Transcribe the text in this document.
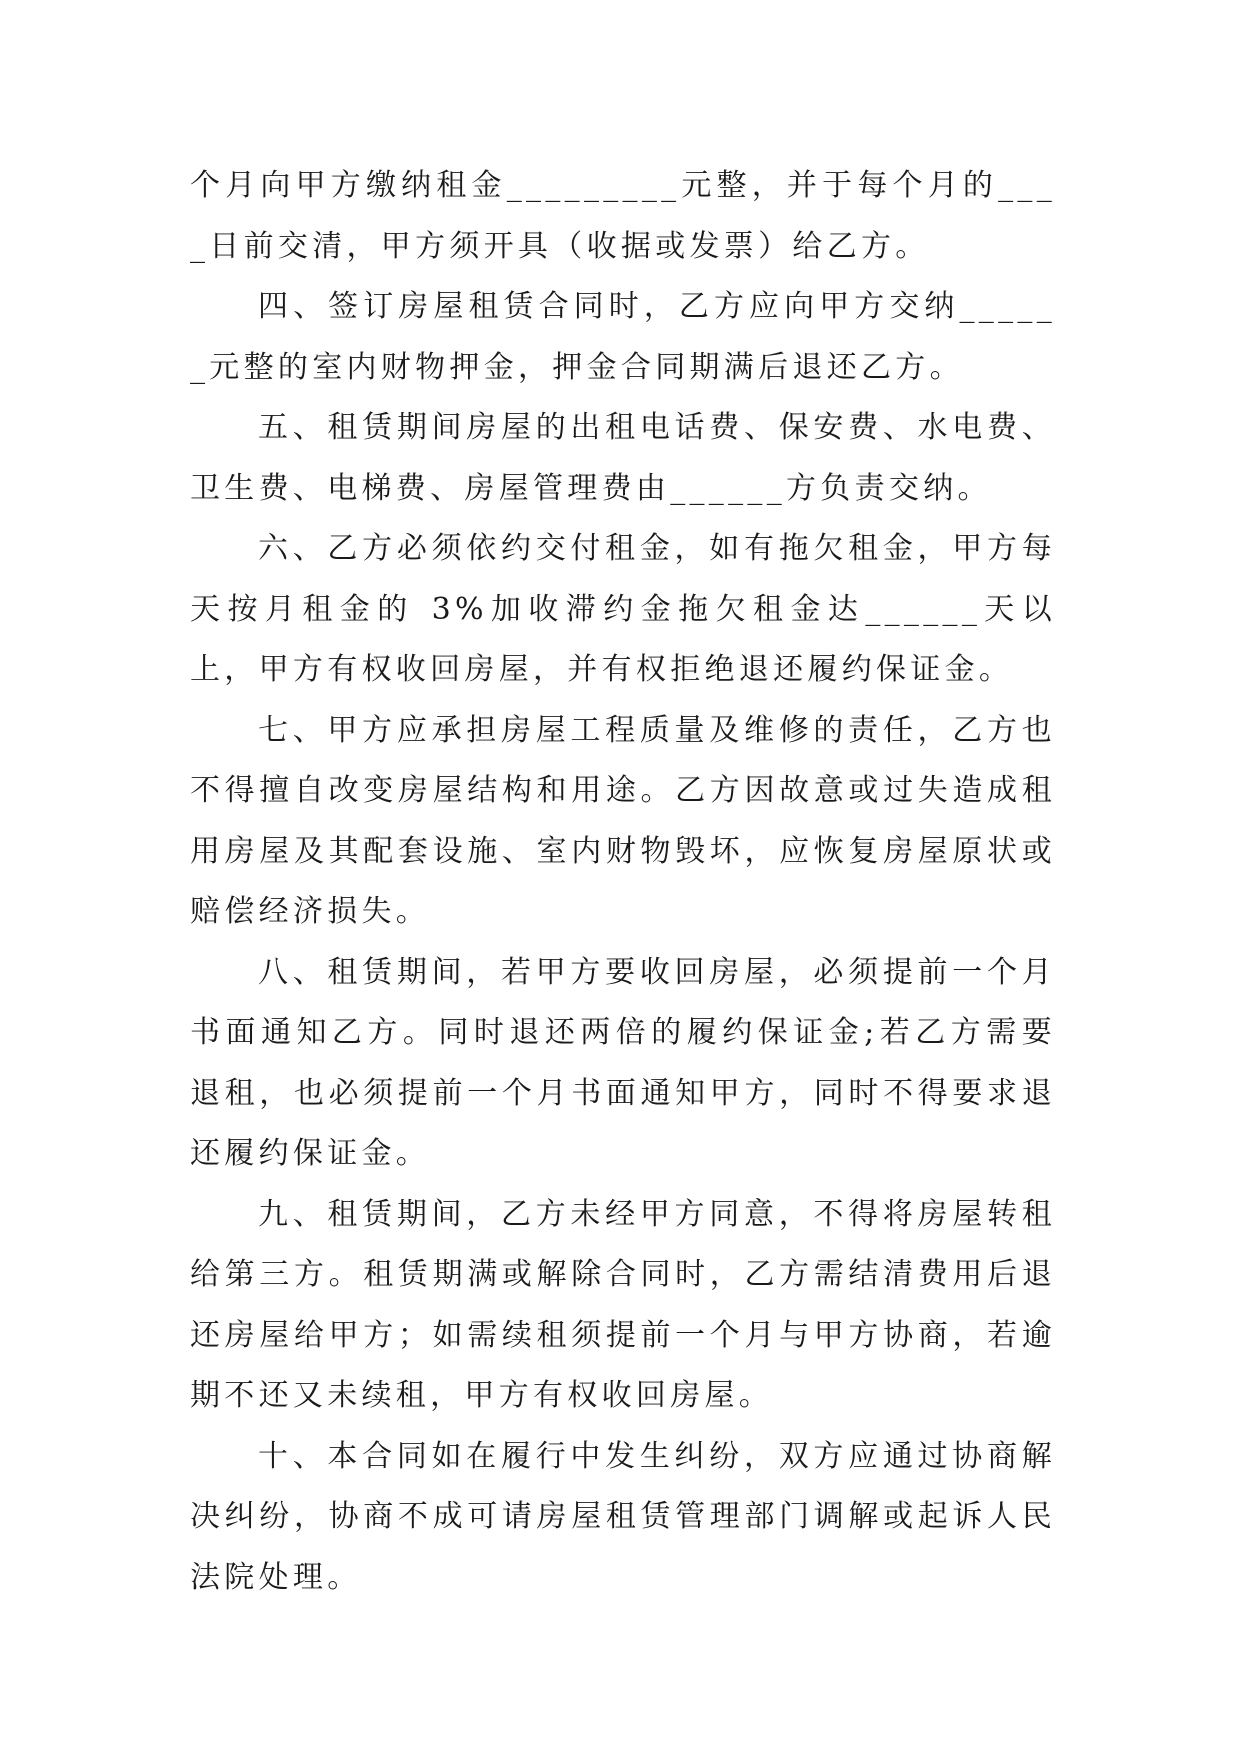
个月向甲方缴纳租金_________元整，并于每个月的____日前交清，甲方须开具（收据或发票）给乙方。

四、签订房屋租赁合同时，乙方应向甲方交纳______元整的室内财物押金，押金合同期满后退还乙方。

五、租赁期间房屋的出租电话费、保安费、水电费、卫生费、电梯费、房屋管理费由______方负责交纳。

六、乙方必须依约交付租金，如有拖欠租金，甲方每天按月租金的 3%加收滞约金拖欠租金达______天以上，甲方有权收回房屋，并有权拒绝退还履约保证金。

七、甲方应承担房屋工程质量及维修的责任，乙方也不得擅自改变房屋结构和用途。乙方因故意或过失造成租用房屋及其配套设施、室内财物毁坏，应恢复房屋原状或赔偿经济损失。

八、租赁期间，若甲方要收回房屋，必须提前一个月书面通知乙方。同时退还两倍的履约保证金;若乙方需要退租，也必须提前一个月书面通知甲方，同时不得要求退还履约保证金。

九、租赁期间，乙方未经甲方同意，不得将房屋转租给第三方。租赁期满或解除合同时，乙方需结清费用后退还房屋给甲方；如需续租须提前一个月与甲方协商，若逾期不还又未续租，甲方有权收回房屋。

十、本合同如在履行中发生纠纷，双方应通过协商解决纠纷，协商不成可请房屋租赁管理部门调解或起诉人民法院处理。
